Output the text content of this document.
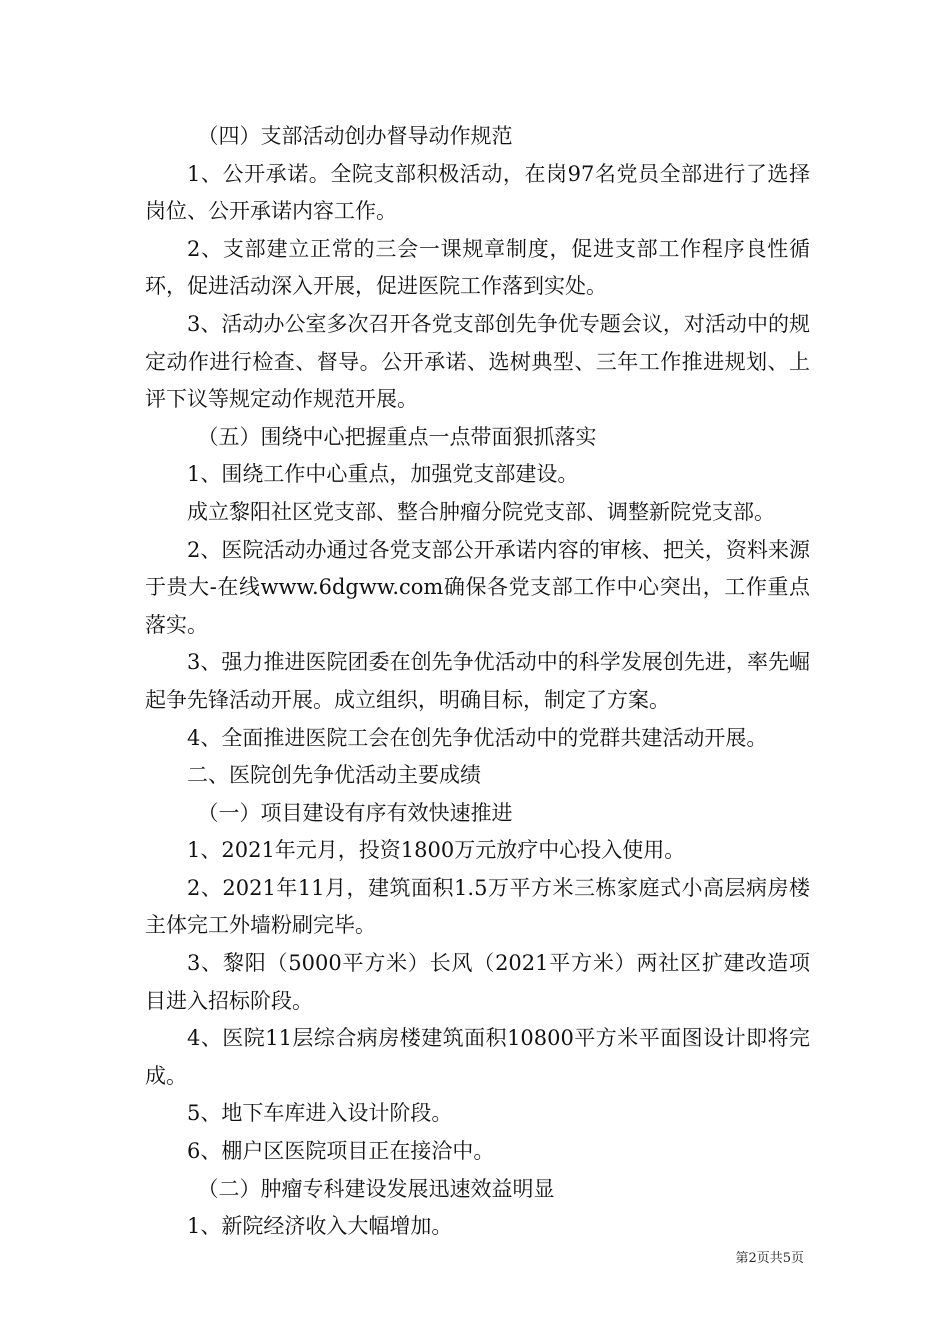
（四）支部活动创办督导动作规范

1、公开承诺。全院支部积极活动，在岗97名党员全部进行了选择岗位、公开承诺内容工作。

2、支部建立正常的三会一课规章制度，促进支部工作程序良性循环，促进活动深入开展，促进医院工作落到实处。

3、活动办公室多次召开各党支部创先争优专题会议，对活动中的规定动作进行检查、督导。公开承诺、选树典型、三年工作推进规划、上评下议等规定动作规范开展。

（五）围绕中心把握重点一点带面狠抓落实

1、围绕工作中心重点，加强党支部建设。

成立黎阳社区党支部、整合肿瘤分院党支部、调整新院党支部。

2、医院活动办通过各党支部公开承诺内容的审核、把关，资料来源于贵大-在线www.6dgww.com确保各党支部工作中心突出，工作重点落实。

3、强力推进医院团委在创先争优活动中的科学发展创先进，率先崛起争先锋活动开展。成立组织，明确目标，制定了方案。

4、全面推进医院工会在创先争优活动中的党群共建活动开展。

二、医院创先争优活动主要成绩

（一）项目建设有序有效快速推进

1、2021年元月，投资1800万元放疗中心投入使用。

2、2021年11月，建筑面积1.5万平方米三栋家庭式小高层病房楼主体完工外墙粉刷完毕。

3、黎阳（5000平方米）长风（2021平方米）两社区扩建改造项目进入招标阶段。

4、医院11层综合病房楼建筑面积10800平方米平面图设计即将完成。

5、地下车库进入设计阶段。

6、棚户区医院项目正在接洽中。

（二）肿瘤专科建设发展迅速效益明显

1、新院经济收入大幅增加。

第2页共5页
